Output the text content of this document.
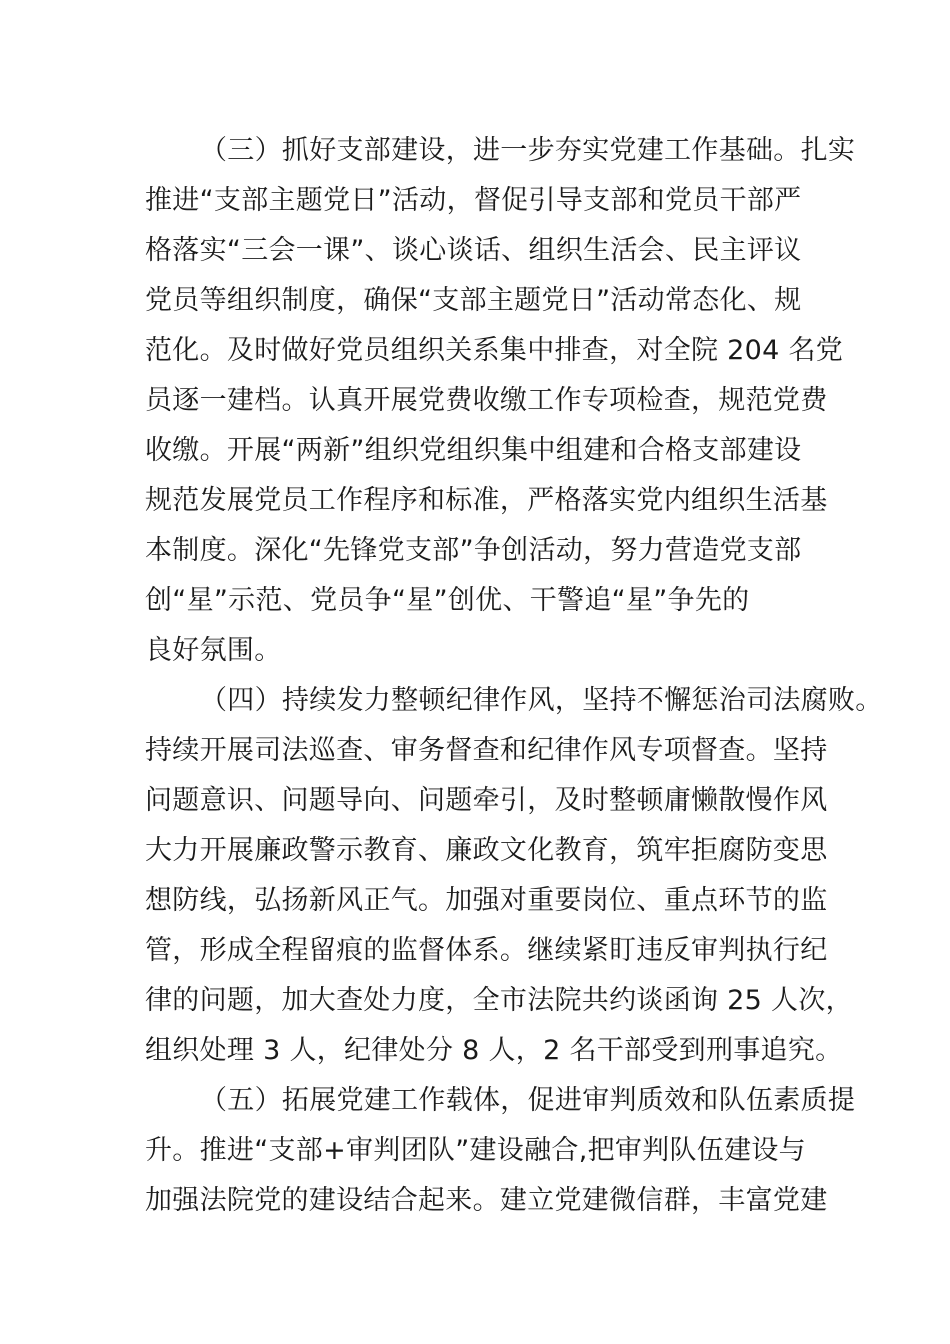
（三）抓好支部建设，进一步夯实党建工作基础。扎实
推进“支部主题党日”活动，督促引导支部和党员干部严
格落实“三会一课”、谈心谈话、组织生活会、民主评议
党员等组织制度，确保“支部主题党日”活动常态化、规
范化。及时做好党员组织关系集中排查，对全院 204 名党
员逐一建档。认真开展党费收缴工作专项检查，规范党费
收缴。开展“两新”组织党组织集中组建和合格支部建设
规范发展党员工作程序和标准，严格落实党内组织生活基
本制度。深化“先锋党支部”争创活动，努力营造党支部
创“星”示范、党员争“星”创优、干警追“星”争先的
良好氛围。
（四）持续发力整顿纪律作风，坚持不懈惩治司法腐败。
持续开展司法巡查、审务督查和纪律作风专项督查。坚持
问题意识、问题导向、问题牵引，及时整顿庸懒散慢作风
大力开展廉政警示教育、廉政文化教育，筑牢拒腐防变思
想防线，弘扬新风正气。加强对重要岗位、重点环节的监
管，形成全程留痕的监督体系。继续紧盯违反审判执行纪
律的问题，加大查处力度，全市法院共约谈函询 25 人次，
组织处理 3 人，纪律处分 8 人，2 名干部受到刑事追究。
（五）拓展党建工作载体，促进审判质效和队伍素质提
升。推进“支部+审判团队”建设融合,把审判队伍建设与
加强法院党的建设结合起来。建立党建微信群，丰富党建
